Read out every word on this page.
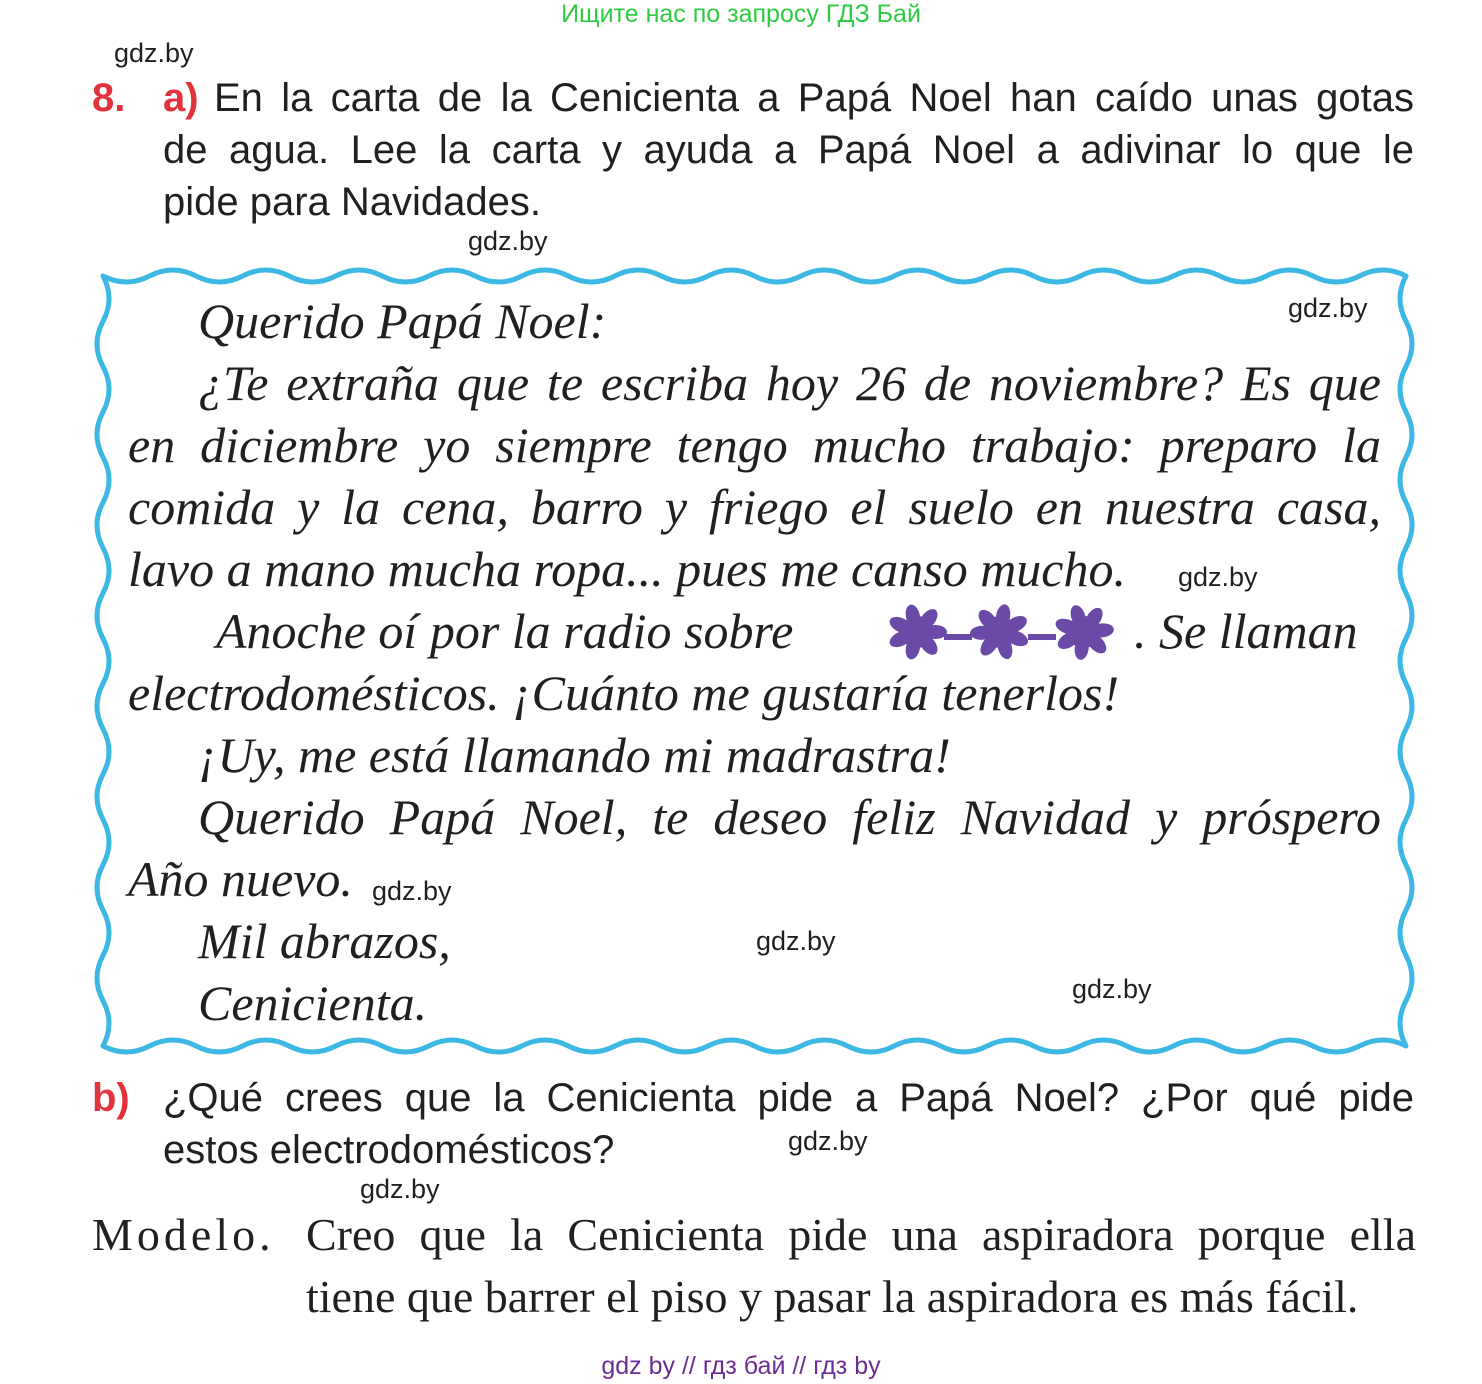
Ищите нас по запросу ГДЗ Бай
gdz.by
gdz.by
gdz.by
gdz.by
gdz.by
gdz.by
gdz.by
gdz.by
gdz.by
8. a) En la carta de la Cenicienta a Papá Noel han caído unas gotas
de agua. Lee la carta y ayuda a Papá Noel a adivinar lo que le
pide para Navidades.
Querido Papá Noel:
¿Te extraña que te escriba hoy 26 de noviembre? Es que
en diciembre yo siempre tengo mucho trabajo: preparo la
comida y la cena, barro y friego el suelo en nuestra casa,
lavo a mano mucha ropa... pues me canso mucho.
Anoche oí por la radio sobre	. Se llaman
electrodomésticos. ¡Cuánto me gustaría tenerlos!
¡Uy, me está llamando mi madrastra!
Querido Papá Noel, te deseo feliz Navidad y próspero
Año nuevo.
Mil abrazos,
Cenicienta.
b) ¿Qué crees que la Cenicienta pide a Papá Noel? ¿Por qué pide
estos electrodomésticos?
Modelo. Creo que la Cenicienta pide una aspiradora porque ella
tiene que barrer el piso y pasar la aspiradora es más fácil.
gdz by // гдз бай // гдз by
